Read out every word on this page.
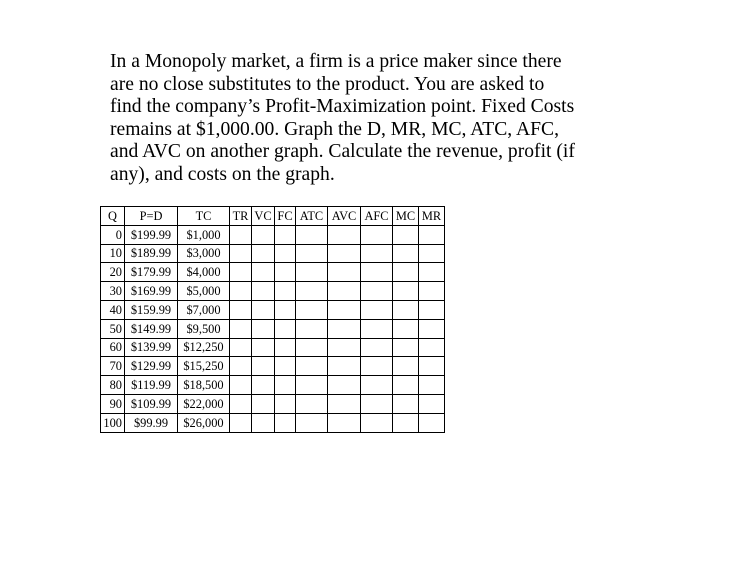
In a Monopoly market, a firm is a price maker since there
are no close substitutes to the product. You are asked to
find the company’s Profit-Maximization point. Fixed Costs
remains at $1,000.00. Graph the D, MR, MC, ATC, AFC,
and AVC on another graph. Calculate the revenue, profit (if
any), and costs on the graph.

Q	P=D	TC	TR	VC	FC	ATC	AVC	AFC	MC	MR
0	$199.99	$1,000								
10	$189.99	$3,000								
20	$179.99	$4,000								
30	$169.99	$5,000								
40	$159.99	$7,000								
50	$149.99	$9,500								
60	$139.99	$12,250								
70	$129.99	$15,250								
80	$119.99	$18,500								
90	$109.99	$22,000								
100	$99.99	$26,000								
